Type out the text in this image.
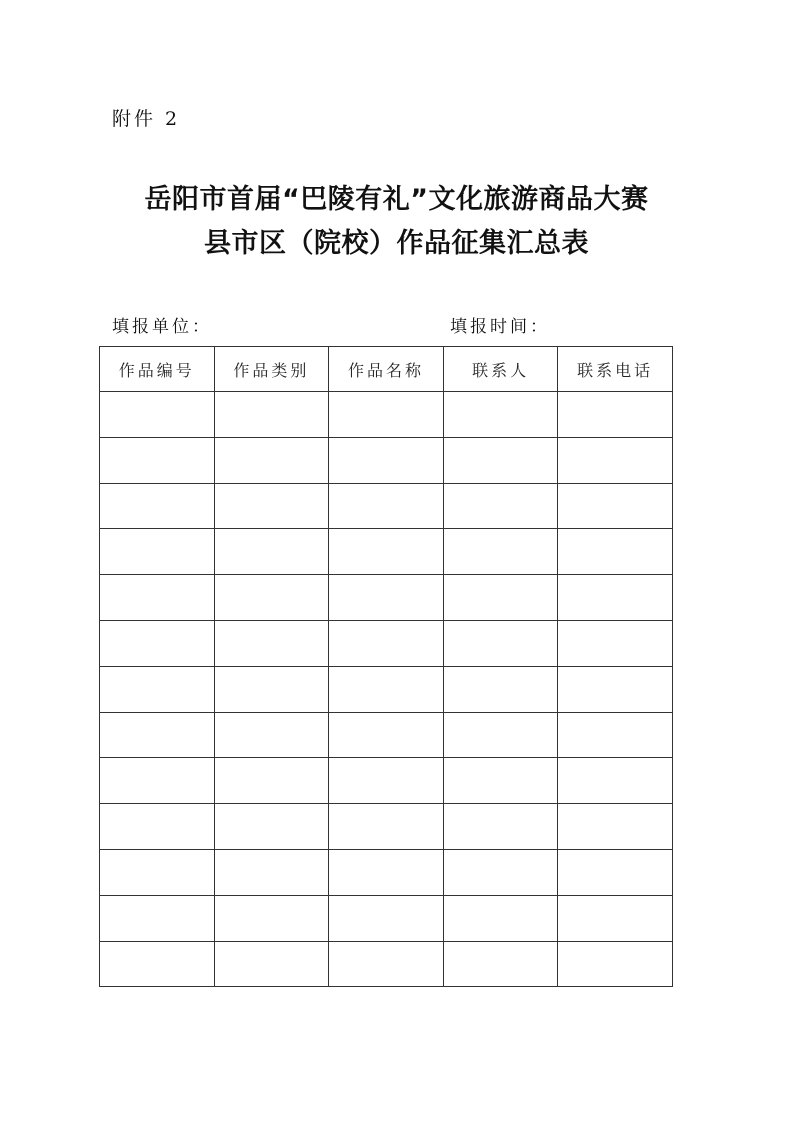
附件 2

岳阳市首届“巴陵有礼”文化旅游商品大赛
县市区（院校）作品征集汇总表

填报单位：	填报时间：

作品编号	作品类别	作品名称	联系人	联系电话
